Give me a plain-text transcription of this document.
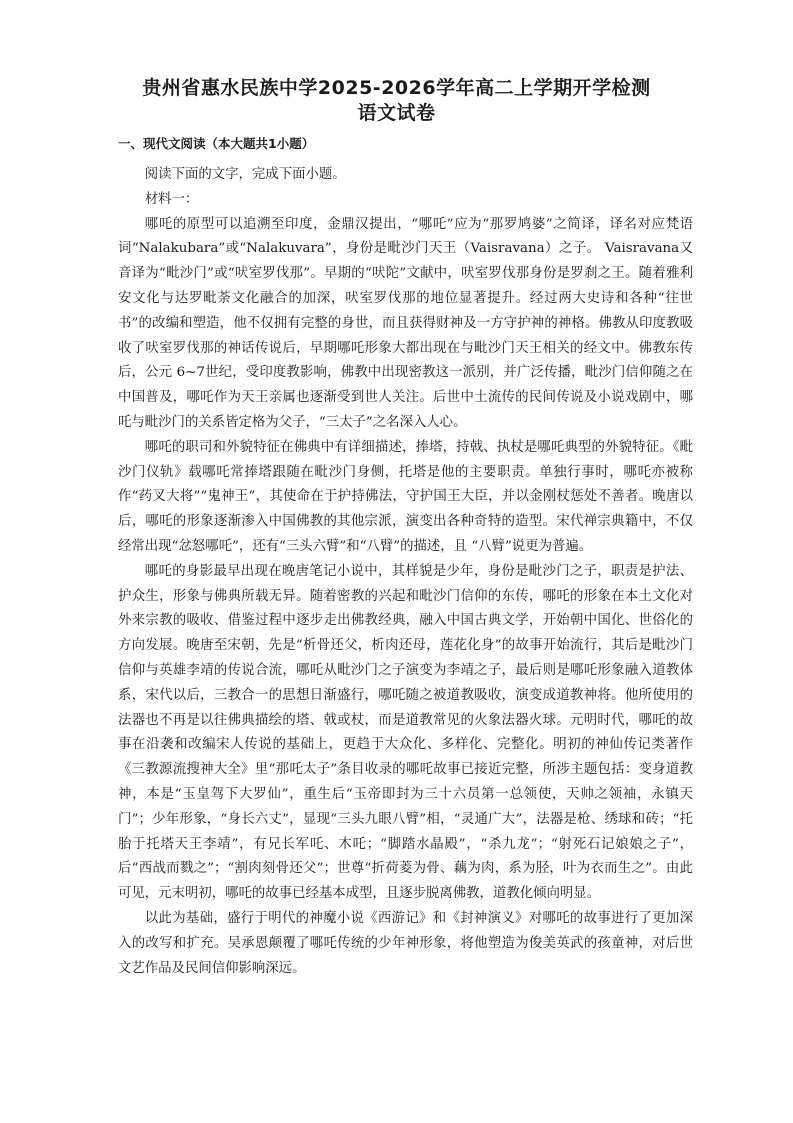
贵州省惠水民族中学2025-2026学年高二上学期开学检测
语文试卷
一、现代文阅读（本大题共1小题）

阅读下面的文字，完成下面小题。

材料一：

哪吒的原型可以追溯至印度，金鼎汉提出，“哪吒”应为“那罗鸠婆”之简译，译名对应梵语词“Nalakubara”或“Nalakuvara”，身份是毗沙门天王（Vaisravana）之子。 Vaisravana又音译为“毗沙门”或“吠室罗伐那”。早期的“吠陀”文献中，吠室罗伐那身份是罗刹之王。随着雅利安文化与达罗毗荼文化融合的加深，吠室罗伐那的地位显著提升。经过两大史诗和各种“往世书”的改编和塑造，他不仅拥有完整的身世，而且获得财神及一方守护神的神格。佛教从印度教吸收了吠室罗伐那的神话传说后，早期哪吒形象大都出现在与毗沙门天王相关的经文中。佛教东传后，公元 6~7世纪，受印度教影响，佛教中出现密教这一派别，并广泛传播，毗沙门信仰随之在中国普及，哪吒作为天王亲属也逐渐受到世人关注。后世中土流传的民间传说及小说戏剧中，哪吒与毗沙门的关系皆定格为父子，“三太子”之名深入人心。

哪吒的职司和外貌特征在佛典中有详细描述，捧塔，持戟、执杖是哪吒典型的外貌特征。《毗沙门仪轨》载哪吒常捧塔跟随在毗沙门身侧，托塔是他的主要职责。单独行事时，哪吒亦被称作“药叉大将”“鬼神王”，其使命在于护持佛法，守护国王大臣，并以金刚杖惩处不善者。晚唐以后，哪吒的形象逐渐渗入中国佛教的其他宗派，演变出各种奇特的造型。宋代禅宗典籍中，不仅经常出现“忿怒哪吒”，还有“三头六臂”和“八臂”的描述，且 “八臂”说更为普遍。

哪吒的身影最早出现在晚唐笔记小说中，其样貌是少年，身份是毗沙门之子，职责是护法、护众生，形象与佛典所载无异。随着密教的兴起和毗沙门信仰的东传，哪吒的形象在本土文化对外来宗教的吸收、借鉴过程中逐步走出佛教经典，融入中国古典文学，开始朝中国化、世俗化的方向发展。晚唐至宋朝，先是“析骨还父，析肉还母，莲花化身”的故事开始流行，其后是毗沙门信仰与英雄李靖的传说合流，哪吒从毗沙门之子演变为李靖之子，最后则是哪吒形象融入道教体系，宋代以后，三教合一的思想日渐盛行，哪吒随之被道教吸收，演变成道教神将。他所使用的法器也不再是以往佛典描绘的塔、戟或杖，而是道教常见的火象法器火球。元明时代，哪吒的故事在沿袭和改编宋人传说的基础上，更趋于大众化、多样化、完整化。明初的神仙传记类著作《三教源流搜神大全》里“那吒太子”条目收录的哪吒故事已接近完整，所涉主题包括：变身道教神，本是“玉皇驾下大罗仙”，重生后“玉帝即封为三十六员第一总领使，天帅之领袖，永镇天门”；少年形象，“身长六丈”，显现“三头九眼八臂”相，“灵通广大”，法器是枪、绣球和砖；“托胎于托塔天王李靖”，有兄长军吒、木吒；“脚踏水晶殿”，“杀九龙”；“射死石记娘娘之子”，后“西战而戮之”；“割肉刻骨还父”；世尊“折荷菱为骨、藕为肉，系为胫，叶为衣而生之”。由此可见，元末明初，哪吒的故事已经基本成型，且逐步脱离佛教，道教化倾向明显。

以此为基础，盛行于明代的神魔小说《西游记》和《封神演义》对哪吒的故事进行了更加深入的改写和扩充。吴承恩颠覆了哪吒传统的少年神形象，将他塑造为俊美英武的孩童神，对后世文艺作品及民间信仰影响深远。
